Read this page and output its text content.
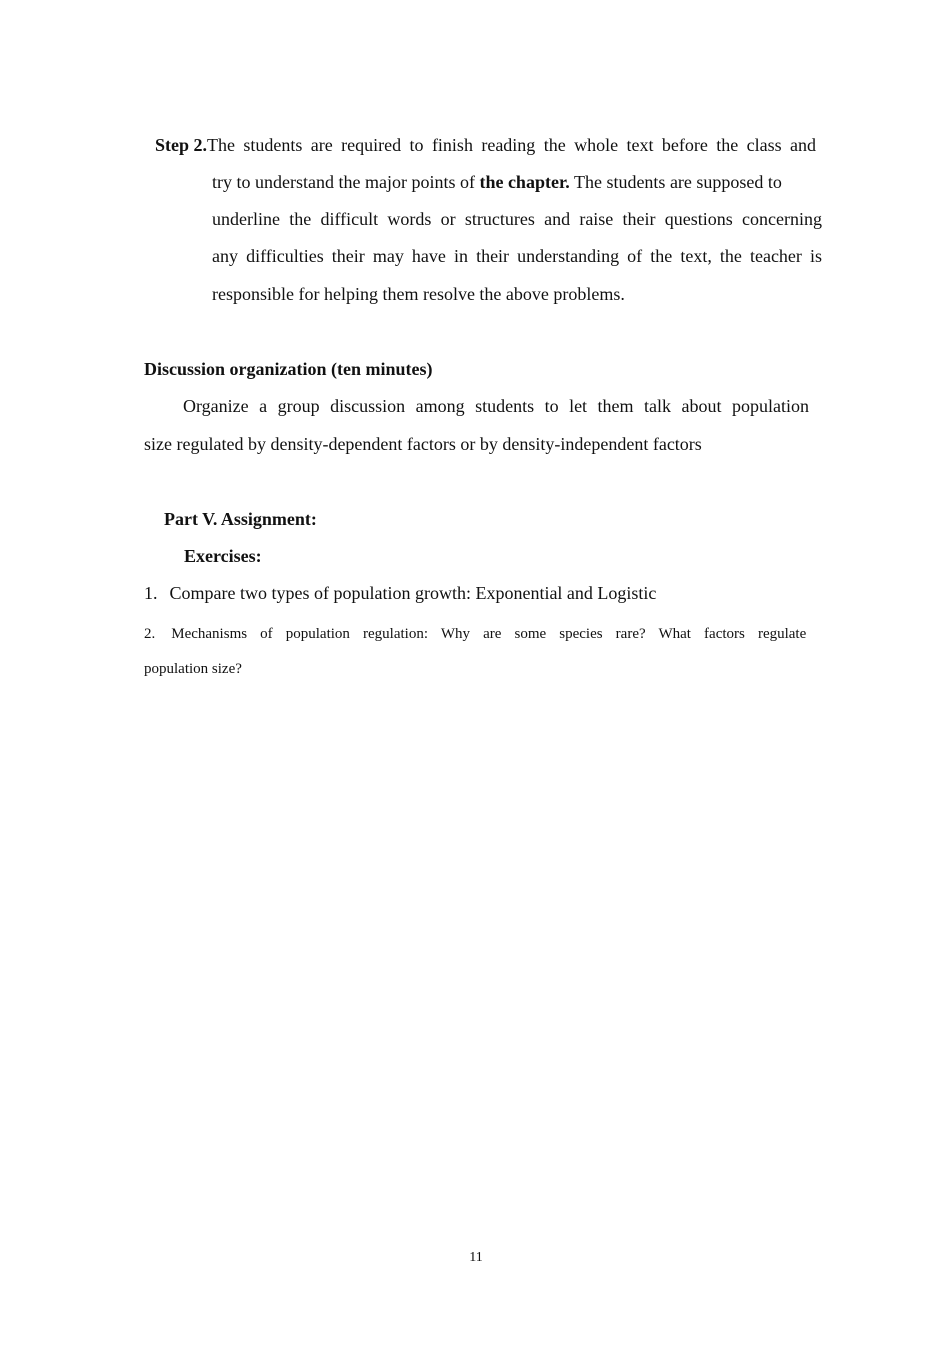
Step 2.The students are required to finish reading the whole text before the class and
try to understand the major points of the chapter. The students are supposed to
underline the difficult words or structures and raise their questions concerning
any difficulties their may have in their understanding of the text, the teacher is
responsible for helping them resolve the above problems.
Discussion organization (ten minutes)
Organize a group discussion among students to let them talk about population
size regulated by density-dependent factors or by density-independent factors
Part V. Assignment:
Exercises:
1. Compare two types of population growth: Exponential and Logistic
2. Mechanisms of population regulation: Why are some species rare? What factors regulate
population size?
11
